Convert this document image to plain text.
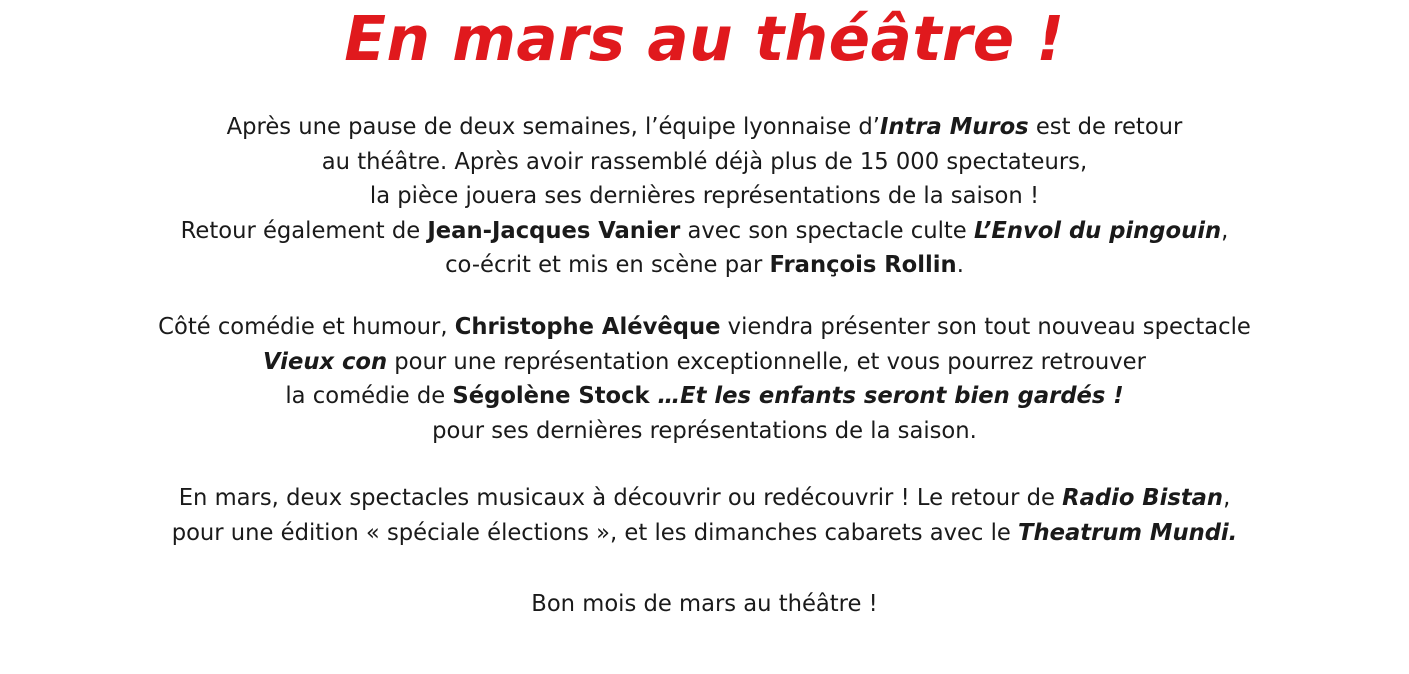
En mars au théâtre !
Après une pause de deux semaines, l’équipe lyonnaise d’Intra Muros est de retour
au théâtre. Après avoir rassemblé déjà plus de 15 000 spectateurs,
la pièce jouera ses dernières représentations de la saison !
Retour également de Jean-Jacques Vanier avec son spectacle culte L’Envol du pingouin,
co-écrit et mis en scène par François Rollin.
Côté comédie et humour, Christophe Alévêque viendra présenter son tout nouveau spectacle
Vieux con pour une représentation exceptionnelle, et vous pourrez retrouver
la comédie de Ségolène Stock …Et les enfants seront bien gardés !
pour ses dernières représentations de la saison.
En mars, deux spectacles musicaux à découvrir ou redécouvrir ! Le retour de Radio Bistan,
pour une édition « spéciale élections », et les dimanches cabarets avec le Theatrum Mundi.
Bon mois de mars au théâtre !
